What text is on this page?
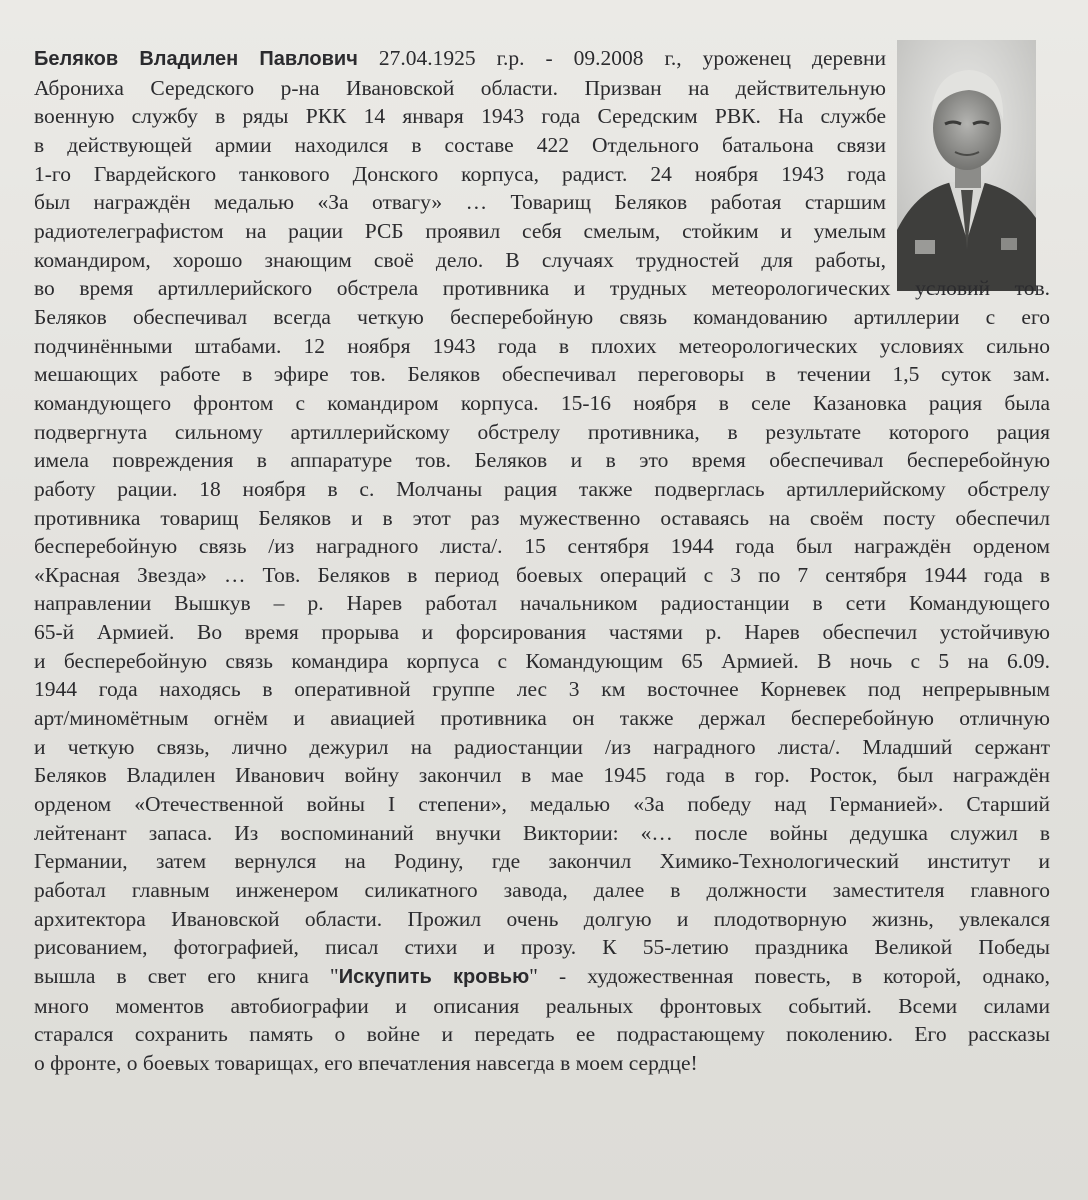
Беляков Владилен Павлович 27.04.1925 г.р. - 09.2008 г., уроженец деревни
Аброниха Середского р-на Ивановской области. Призван на действительную
военную службу в ряды РКК 14 января 1943 года Середским РВК. На службе
в действующей армии находился в составе 422 Отдельного батальона связи
1-го Гвардейского танкового Донского корпуса, радист. 24 ноября 1943 года
был награждён медалью «За отвагу» … Товарищ Беляков работая старшим
радиотелеграфистом на рации РСБ проявил себя смелым, стойким и умелым
командиром, хорошо знающим своё дело. В случаях трудностей для работы,
во время артиллерийского обстрела противника и трудных метеорологических условий тов.
Беляков обеспечивал всегда четкую бесперебойную связь командованию артиллерии с его
подчинёнными штабами. 12 ноября 1943 года в плохих метеорологических условиях сильно
мешающих работе в эфире тов. Беляков обеспечивал переговоры в течении 1,5 суток зам.
командующего фронтом с командиром корпуса. 15-16 ноября в селе Казановка рация была
подвергнута сильному артиллерийскому обстрелу противника, в результате которого рация
имела повреждения в аппаратуре тов. Беляков и в это время обеспечивал бесперебойную
работу рации. 18 ноября в с. Молчаны рация также подверглась артиллерийскому обстрелу
противника товарищ Беляков и в этот раз мужественно оставаясь на своём посту обеспечил
бесперебойную связь /из наградного листа/. 15 сентября 1944 года был награждён орденом
«Красная Звезда» … Тов. Беляков в период боевых операций с 3 по 7 сентября 1944 года в
направлении Вышкув – р. Нарев работал начальником радиостанции в сети Командующего
65-й Армией. Во время прорыва и форсирования частями р. Нарев обеспечил устойчивую
и бесперебойную связь командира корпуса с Командующим 65 Армией. В ночь с 5 на 6.09.
1944 года находясь в оперативной группе лес 3 км восточнее Корневек под непрерывным
арт/миномётным огнём и авиацией противника он также держал бесперебойную отличную
и четкую связь, лично дежурил на радиостанции /из наградного листа/. Младший сержант
Беляков Владилен Иванович войну закончил в мае 1945 года в гор. Росток, был награждён
орденом «Отечественной войны I степени», медалью «За победу над Германией». Старший
лейтенант запаса. Из воспоминаний внучки Виктории: «… после войны дедушка служил в
Германии, затем вернулся на Родину, где закончил Химико-Технологический институт и
работал главным инженером силикатного завода, далее в должности заместителя главного
архитектора Ивановской области. Прожил очень долгую и плодотворную жизнь, увлекался
рисованием, фотографией, писал стихи и прозу. К 55-летию праздника Великой Победы
вышла в свет его книга "Искупить кровью" - художественная повесть, в которой, однако,
много моментов автобиографии и описания реальных фронтовых событий. Всеми силами
старался сохранить память о войне и передать ее подрастающему поколению. Его рассказы
о фронте, о боевых товарищах, его впечатления навсегда в моем сердце!
